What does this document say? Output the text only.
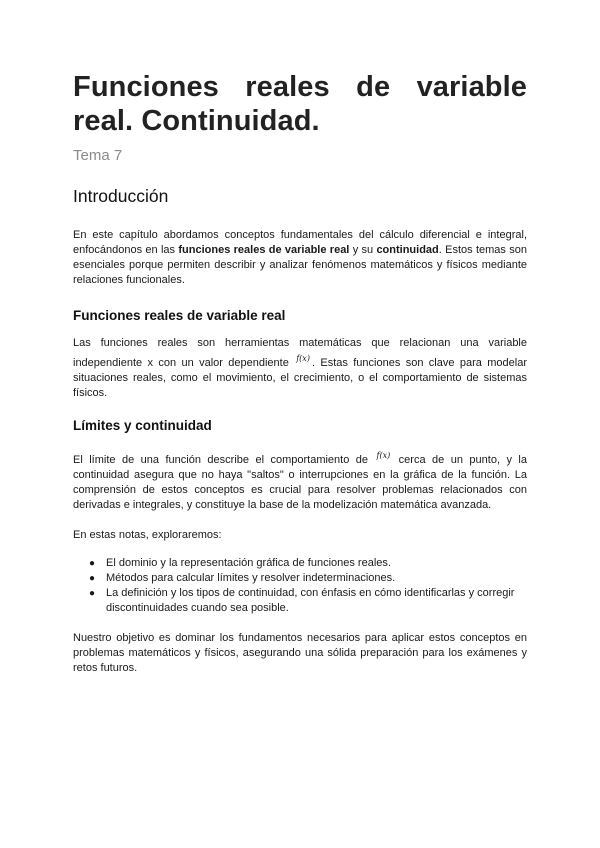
Funciones reales de variable real. Continuidad.
Tema 7
Introducción

En este capítulo abordamos conceptos fundamentales del cálculo diferencial e integral, enfocándonos en las funciones reales de variable real y su continuidad. Estos temas son esenciales porque permiten describir y analizar fenómenos matemáticos y físicos mediante relaciones funcionales.

Funciones reales de variable real

Las funciones reales son herramientas matemáticas que relacionan una variable independiente x con un valor dependiente $^{f(x)}$ . Estas funciones son clave para modelar situaciones reales, como el movimiento, el crecimiento, o el comportamiento de sistemas físicos.

Límites y continuidad

El límite de una función describe el comportamiento de $^{f(x)}$ cerca de un punto, y la continuidad asegura que no haya "saltos" o interrupciones en la gráfica de la función. La comprensión de estos conceptos es crucial para resolver problemas relacionados con derivadas e integrales, y constituye la base de la modelización matemática avanzada.

En estas notas, exploraremos:

● El dominio y la representación gráfica de funciones reales.
● Métodos para calcular límites y resolver indeterminaciones.
● La definición y los tipos de continuidad, con énfasis en cómo identificarlas y corregir discontinuidades cuando sea posible.

Nuestro objetivo es dominar los fundamentos necesarios para aplicar estos conceptos en problemas matemáticos y físicos, asegurando una sólida preparación para los exámenes y retos futuros.
